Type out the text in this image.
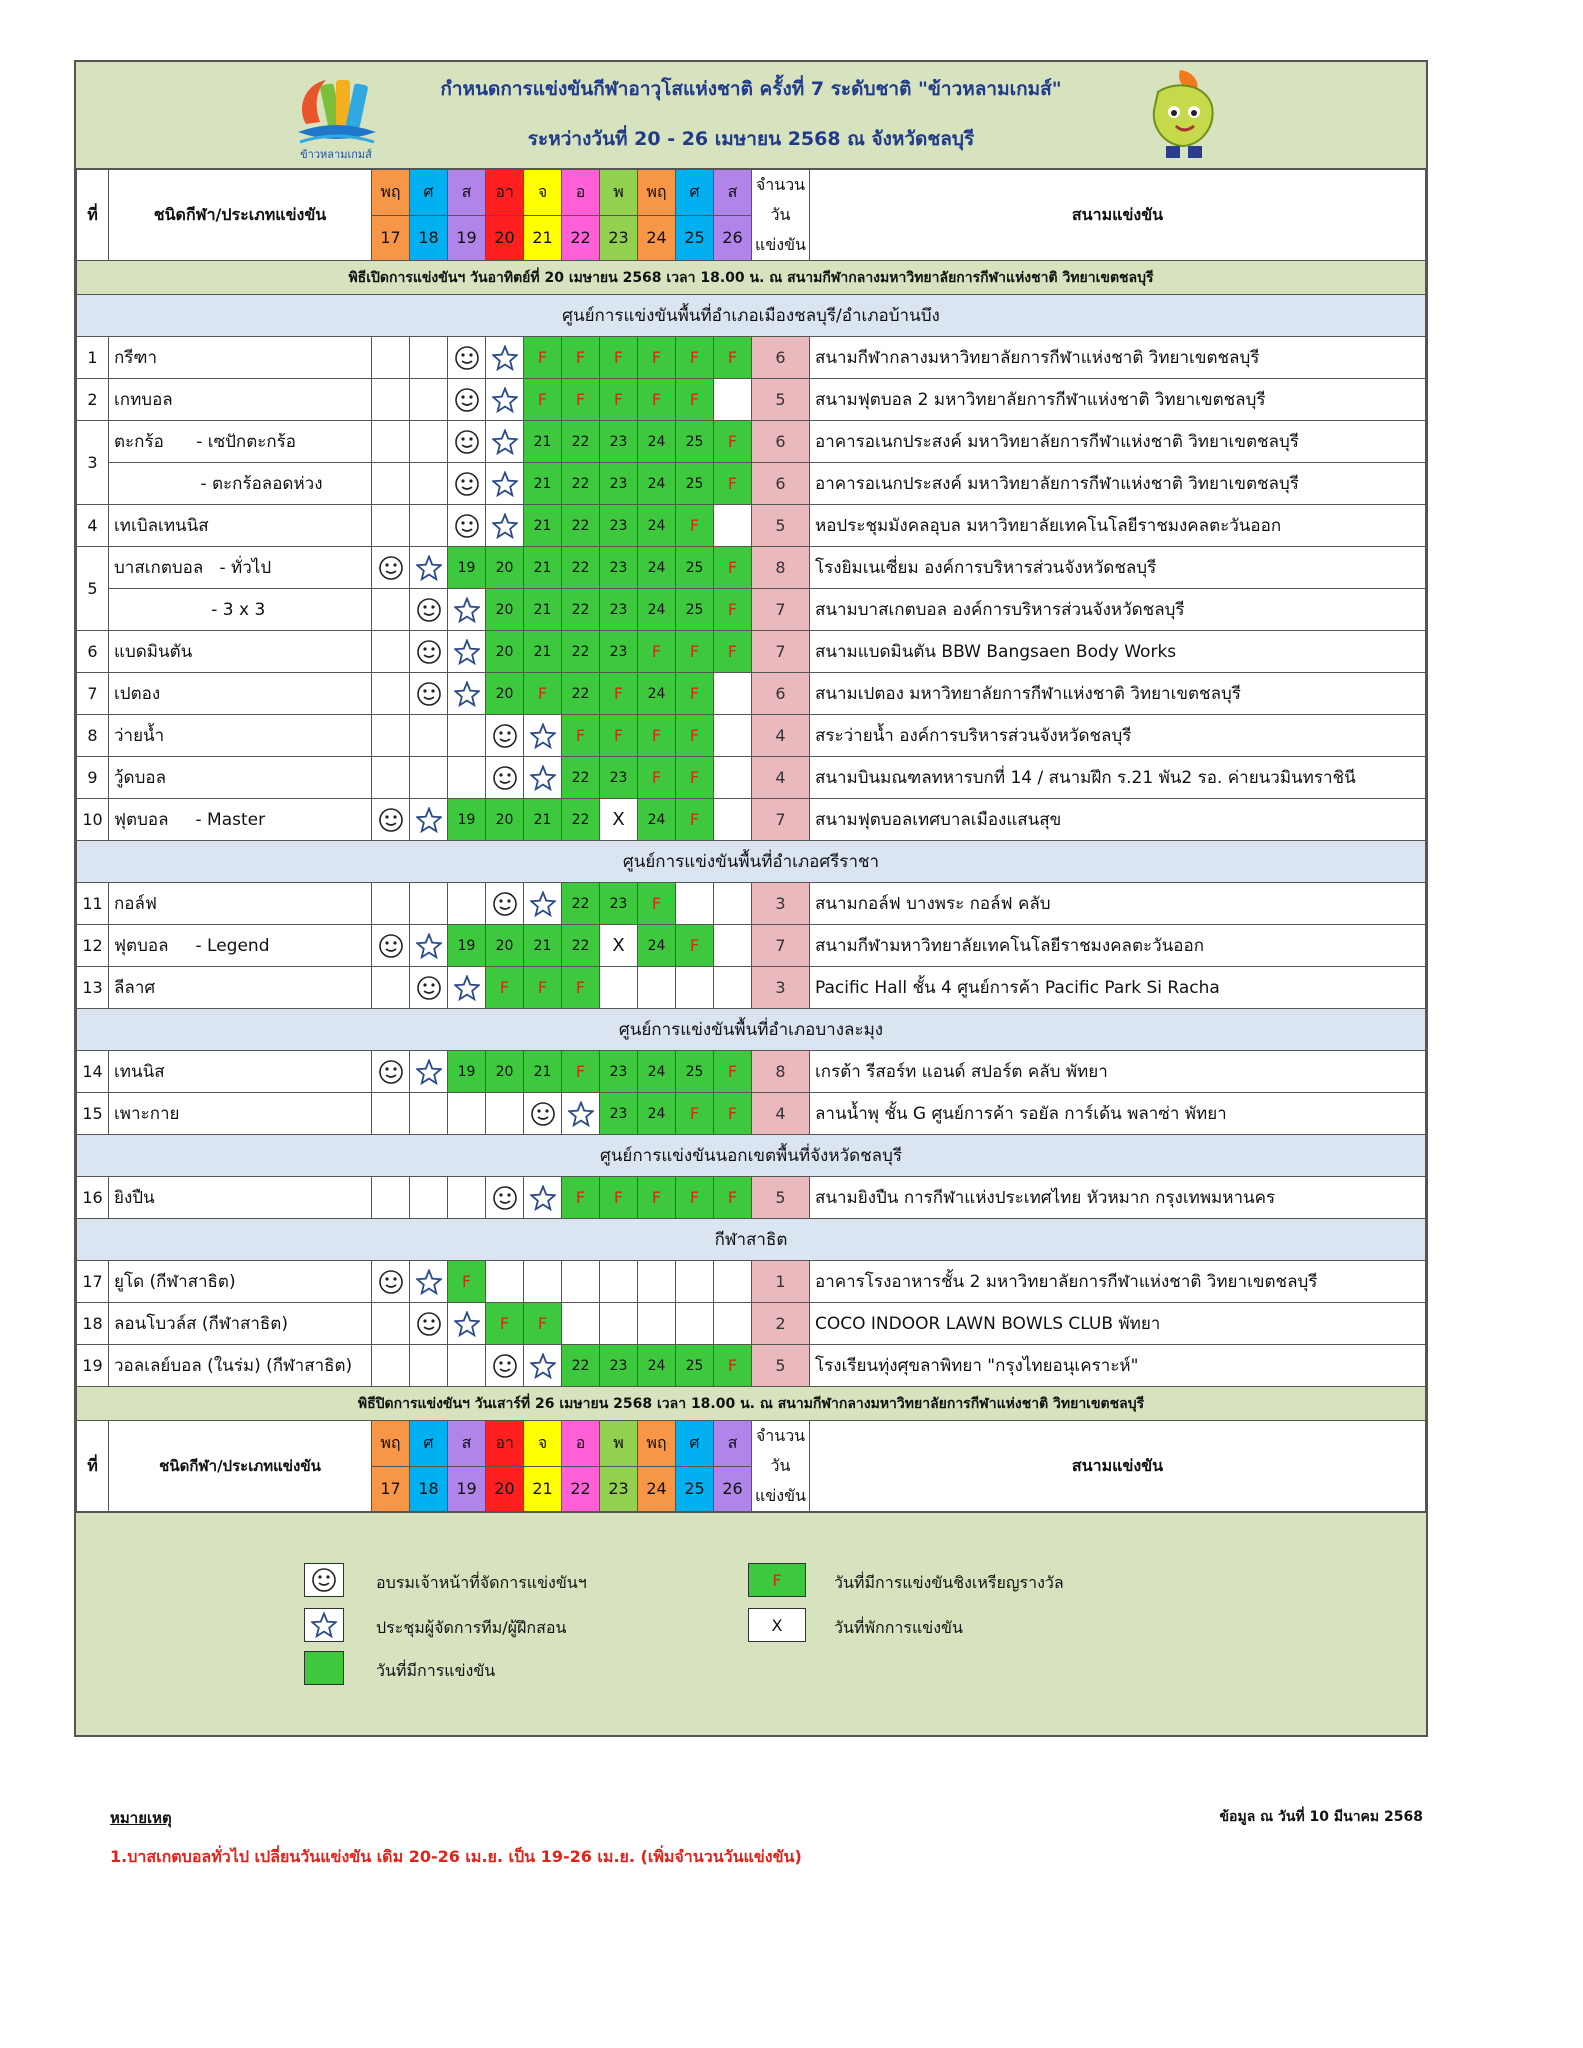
ข้าวหลามเกมส์
กำหนดการแข่งขันกีฬาอาวุโสแห่งชาติ ครั้งที่ 7 ระดับชาติ "ข้าวหลามเกมส์"
ระหว่างวันที่ 20 - 26 เมษายน 2568 ณ จังหวัดชลบุรี
ที่	ชนิดกีฬา/ประเภทแข่งขัน	พฤ	ศ	ส	อา	จ	อ	พ	พฤ	ศ	ส	จำนวน
วัน
แข่งขัน	สนามแข่งขัน
		17	18	19	20	21	22	23	24	25	26		
พิธีเปิดการแข่งขันฯ วันอาทิตย์ที่ 20 เมษายน 2568 เวลา 18.00 น. ณ สนามกีฬากลางมหาวิทยาลัยการกีฬาแห่งชาติ วิทยาเขตชลบุรี													
ศูนย์การแข่งขันพื้นที่อำเภอเมืองชลบุรี/อำเภอบ้านบึง													
1	กรีฑา					F	F	F	F	F	F	6	สนามกีฬากลางมหาวิทยาลัยการกีฬาแห่งชาติ วิทยาเขตชลบุรี
2	เกทบอล					F	F	F	F	F		5	สนามฟุตบอล 2 มหาวิทยาลัยการกีฬาแห่งชาติ วิทยาเขตชลบุรี
3	ตะกร้อ      - เซปักตะกร้อ					21	22	23	24	25	F	6	อาคารอเนกประสงค์ มหาวิทยาลัยการกีฬาแห่งชาติ วิทยาเขตชลบุรี
	- ตะกร้อลอดห่วง					21	22	23	24	25	F	6	อาคารอเนกประสงค์ มหาวิทยาลัยการกีฬาแห่งชาติ วิทยาเขตชลบุรี
4	เทเบิลเทนนิส					21	22	23	24	F		5	หอประชุมมังคลอุบล มหาวิทยาลัยเทคโนโลยีราชมงคลตะวันออก
5	บาสเกตบอล   - ทั่วไป			19	20	21	22	23	24	25	F	8	โรงยิมเนเซี่ยม องค์การบริหารส่วนจังหวัดชลบุรี
	- 3 x 3				20	21	22	23	24	25	F	7	สนามบาสเกตบอล องค์การบริหารส่วนจังหวัดชลบุรี
6	แบดมินตัน				20	21	22	23	F	F	F	7	สนามแบดมินตัน BBW Bangsaen Body Works
7	เปตอง				20	F	22	F	24	F		6	สนามเปตอง มหาวิทยาลัยการกีฬาแห่งชาติ วิทยาเขตชลบุรี
8	ว่ายน้ำ						F	F	F	F		4	สระว่ายน้ำ องค์การบริหารส่วนจังหวัดชลบุรี
9	วู้ดบอล						22	23	F	F		4	สนามบินมณฑลทหารบกที่ 14 / สนามฝึก ร.21 พัน2 รอ. ค่ายนวมินทราชินี
10	ฟุตบอล     - Master			19	20	21	22	X	24	F		7	สนามฟุตบอลเทศบาลเมืองแสนสุข
ศูนย์การแข่งขันพื้นที่อำเภอศรีราชา													
11	กอล์ฟ						22	23	F			3	สนามกอล์ฟ บางพระ กอล์ฟ คลับ
12	ฟุตบอล     - Legend			19	20	21	22	X	24	F		7	สนามกีฬามหาวิทยาลัยเทคโนโลยีราชมงคลตะวันออก
13	ลีลาศ				F	F	F					3	Pacific Hall ชั้น 4 ศูนย์การค้า Pacific Park Si Racha
ศูนย์การแข่งขันพื้นที่อำเภอบางละมุง													
14	เทนนิส			19	20	21	F	23	24	25	F	8	เกรต้า รีสอร์ท แอนด์ สปอร์ต คลับ พัทยา
15	เพาะกาย							23	24	F	F	4	ลานน้ำพุ ชั้น G ศูนย์การค้า รอยัล การ์เด้น พลาซ่า พัทยา
ศูนย์การแข่งขันนอกเขตพื้นที่จังหวัดชลบุรี													
16	ยิงปืน						F	F	F	F	F	5	สนามยิงปืน การกีฬาแห่งประเทศไทย หัวหมาก กรุงเทพมหานคร
กีฬาสาธิต													
17	ยูโด (กีฬาสาธิต)			F								1	อาคารโรงอาหารชั้น 2 มหาวิทยาลัยการกีฬาแห่งชาติ วิทยาเขตชลบุรี
18	ลอนโบวล์ส (กีฬาสาธิต)				F	F						2	COCO INDOOR LAWN BOWLS CLUB พัทยา
19	วอลเลย์บอล (ในร่ม) (กีฬาสาธิต)						22	23	24	25	F	5	โรงเรียนทุ่งศุขลาพิทยา "กรุงไทยอนุเคราะห์"
พิธีปิดการแข่งขันฯ วันเสาร์ที่ 26 เมษายน 2568 เวลา 18.00 น. ณ สนามกีฬากลางมหาวิทยาลัยการกีฬาแห่งชาติ วิทยาเขตชลบุรี													
ที่	ชนิดกีฬา/ประเภทแข่งขัน	พฤ	ศ	ส	อา	จ	อ	พ	พฤ	ศ	ส	จำนวน
วัน
แข่งขัน	สนามแข่งขัน
		17	18	19	20	21	22	23	24	25	26		
อบรมเจ้าหน้าที่จัดการแข่งขันฯ
ประชุมผู้จัดการทีม/ผู้ฝึกสอน
วันที่มีการแข่งขัน
F	วันที่มีการแข่งขันชิงเหรียญรางวัล
X	วันที่พักการแข่งขัน
หมายเหตุ	ข้อมูล ณ วันที่ 10 มีนาคม 2568
1.บาสเกตบอลทั่วไป เปลี่ยนวันแข่งขัน เดิม 20-26 เม.ย. เป็น 19-26 เม.ย. (เพิ่มจำนวนวันแข่งขัน)
